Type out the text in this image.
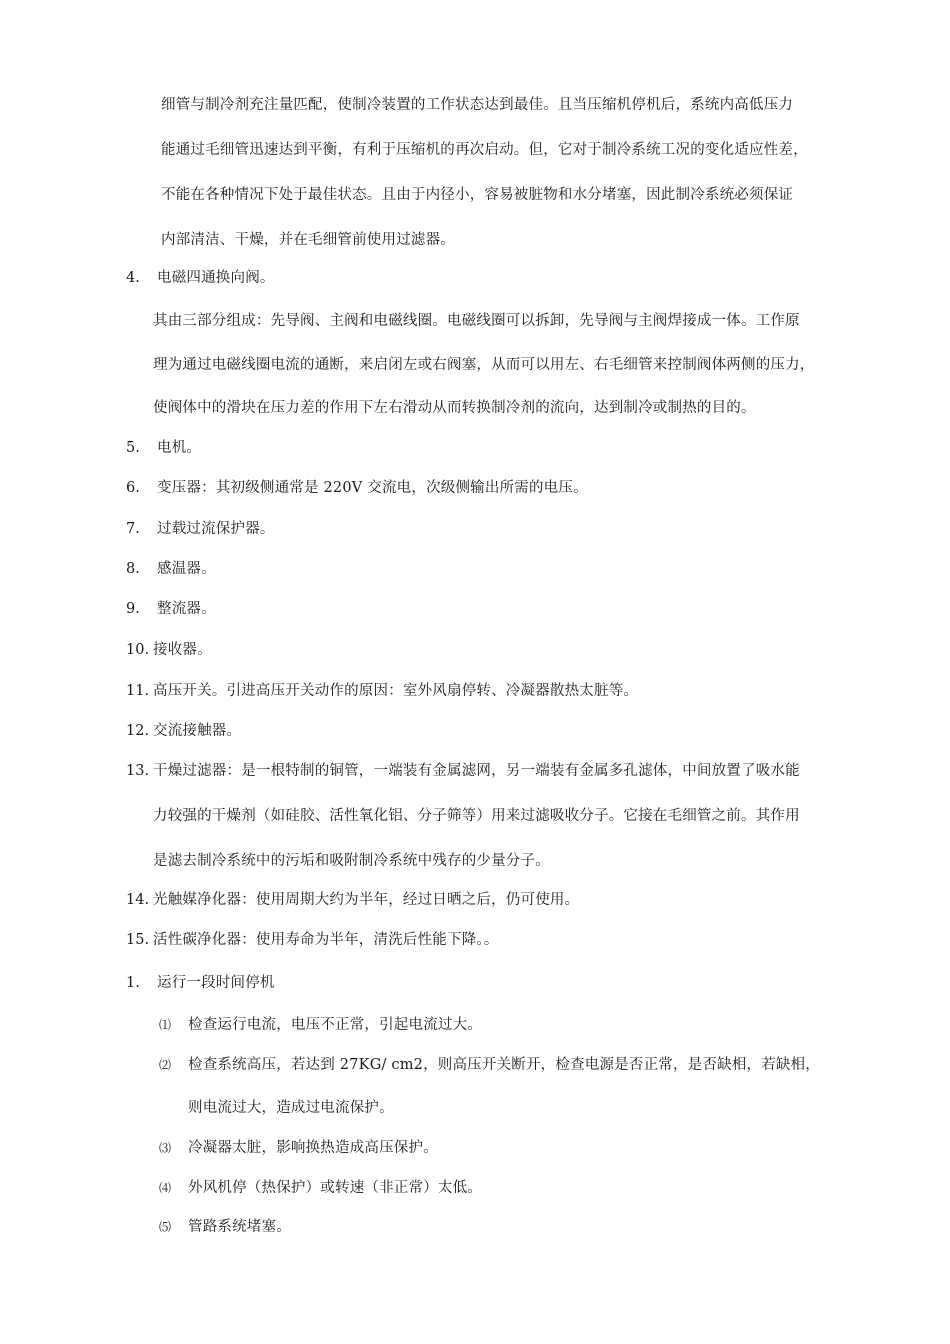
细管与制冷剂充注量匹配，使制冷装置的工作状态达到最佳。且当压缩机停机后，系统内高低压力
能通过毛细管迅速达到平衡，有利于压缩机的再次启动。但，它对于制冷系统工况的变化适应性差，
不能在各种情况下处于最佳状态。且由于内径小，容易被脏物和水分堵塞，因此制冷系统必须保证
内部清洁、干燥，并在毛细管前使用过滤器。
4. 电磁四通换向阀。
其由三部分组成：先导阀、主阀和电磁线圈。电磁线圈可以拆卸，先导阀与主阀焊接成一体。工作原
理为通过电磁线圈电流的通断，来启闭左或右阀塞，从而可以用左、右毛细管来控制阀体两侧的压力，
使阀体中的滑块在压力差的作用下左右滑动从而转换制冷剂的流向，达到制冷或制热的目的。
5. 电机。
6. 变压器：其初级侧通常是 220V 交流电，次级侧输出所需的电压。
7. 过载过流保护器。
8. 感温器。
9. 整流器。
10. 接收器。
11. 高压开关。引进高压开关动作的原因：室外风扇停转、冷凝器散热太脏等。
12. 交流接触器。
13. 干燥过滤器：是一根特制的铜管，一端装有金属滤网，另一端装有金属多孔滤体，中间放置了吸水能
力较强的干燥剂（如硅胶、活性氧化铝、分子筛等）用来过滤吸收分子。它接在毛细管之前。其作用
是滤去制冷系统中的污垢和吸附制冷系统中残存的少量分子。
14. 光触媒净化器：使用周期大约为半年，经过日晒之后，仍可使用。
15. 活性碳净化器：使用寿命为半年，清洗后性能下降。。
1. 运行一段时间停机
⑴ 检查运行电流，电压不正常，引起电流过大。
⑵ 检查系统高压，若达到 27KG/ cm2，则高压开关断开，检查电源是否正常，是否缺相，若缺相，
则电流过大，造成过电流保护。
⑶ 冷凝器太脏，影响换热造成高压保护。
⑷ 外风机停（热保护）或转速（非正常）太低。
⑸ 管路系统堵塞。
